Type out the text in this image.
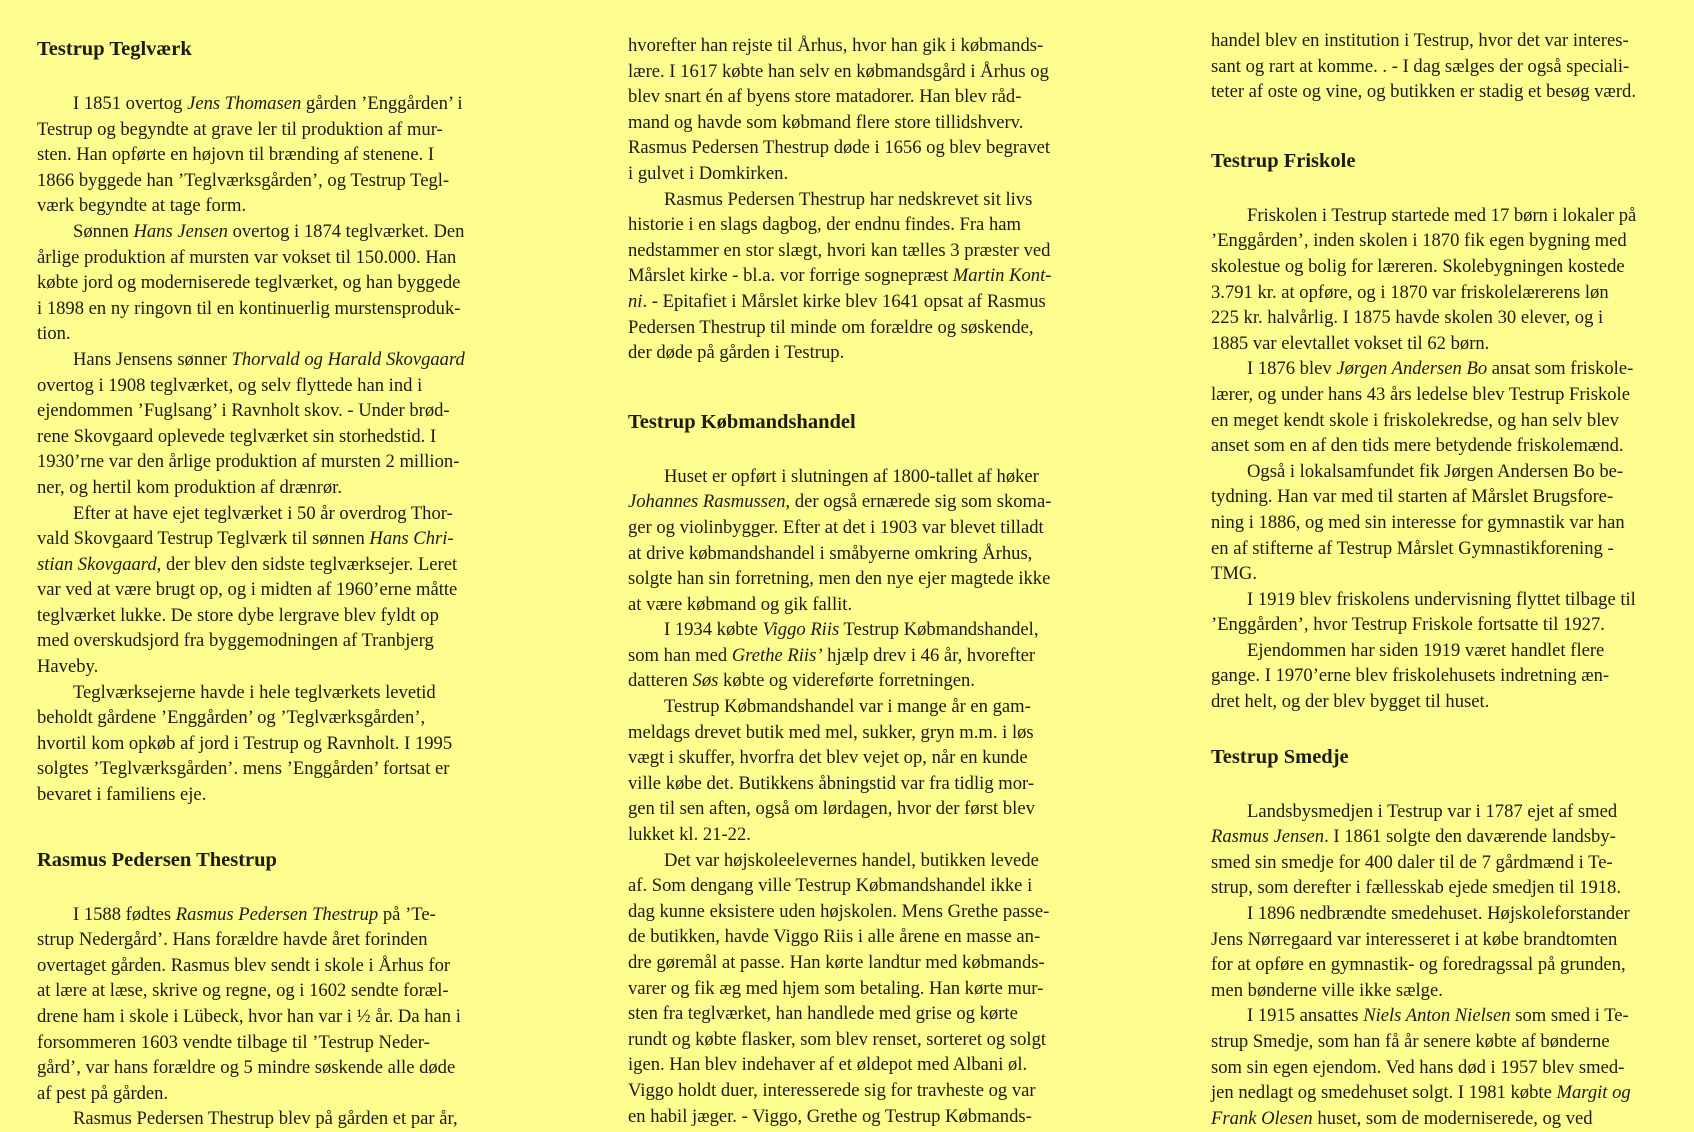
Testrup Teglværk
I 1851 overtog Jens Thomasen gården ’Enggården’ i
Testrup og begyndte at grave ler til produktion af mur-
sten. Han opførte en højovn til brænding af stenene. I
1866 byggede han ’Teglværksgården’, og Testrup Tegl-
værk begyndte at tage form.
Sønnen Hans Jensen overtog i 1874 teglværket. Den
årlige produktion af mursten var vokset til 150.000. Han
købte jord og moderniserede teglværket, og han byggede
i 1898 en ny ringovn til en kontinuerlig murstensproduk-
tion.
Hans Jensens sønner Thorvald og Harald Skovgaard
overtog i 1908 teglværket, og selv flyttede han ind i
ejendommen ’Fuglsang’ i Ravnholt skov. - Under brød-
rene Skovgaard oplevede teglværket sin storhedstid. I
1930’rne var den årlige produktion af mursten 2 million-
ner, og hertil kom produktion af drænrør.
Efter at have ejet teglværket i 50 år overdrog Thor-
vald Skovgaard Testrup Teglværk til sønnen Hans Chri-
stian Skovgaard, der blev den sidste teglværksejer. Leret
var ved at være brugt op, og i midten af 1960’erne måtte
teglværket lukke. De store dybe lergrave blev fyldt op
med overskudsjord fra byggemodningen af Tranbjerg
Haveby.
Teglværksejerne havde i hele teglværkets levetid
beholdt gårdene ’Enggården’ og ’Teglværksgården’,
hvortil kom opkøb af jord i Testrup og Ravnholt. I 1995
solgtes ’Teglværksgården’. mens ’Enggården’ fortsat er
bevaret i familiens eje.
Rasmus Pedersen Thestrup
I 1588 fødtes Rasmus Pedersen Thestrup på ’Te-
strup Nedergård’. Hans forældre havde året forinden
overtaget gården. Rasmus blev sendt i skole i Århus for
at lære at læse, skrive og regne, og i 1602 sendte foræl-
drene ham i skole i Lübeck, hvor han var i ½ år. Da han i
forsommeren 1603 vendte tilbage til ’Testrup Neder-
gård’, var hans forældre og 5 mindre søskende alle døde
af pest på gården.
Rasmus Pedersen Thestrup blev på gården et par år,
hvorefter han rejste til Århus, hvor han gik i købmands-
lære. I 1617 købte han selv en købmandsgård i Århus og
blev snart én af byens store matadorer. Han blev råd-
mand og havde som købmand flere store tillidshverv.
Rasmus Pedersen Thestrup døde i 1656 og blev begravet
i gulvet i Domkirken.
Rasmus Pedersen Thestrup har nedskrevet sit livs
historie i en slags dagbog, der endnu findes. Fra ham
nedstammer en stor slægt, hvori kan tælles 3 præster ved
Mårslet kirke - bl.a. vor forrige sognepræst Martin Kont-
ni. - Epitafiet i Mårslet kirke blev 1641 opsat af Rasmus
Pedersen Thestrup til minde om forældre og søskende,
der døde på gården i Testrup.
Testrup Købmandshandel
Huset er opført i slutningen af 1800-tallet af høker
Johannes Rasmussen, der også ernærede sig som skoma-
ger og violinbygger. Efter at det i 1903 var blevet tilladt
at drive købmandshandel i småbyerne omkring Århus,
solgte han sin forretning, men den nye ejer magtede ikke
at være købmand og gik fallit.
I 1934 købte Viggo Riis Testrup Købmandshandel,
som han med Grethe Riis’ hjælp drev i 46 år, hvorefter
datteren Søs købte og videreførte forretningen.
Testrup Købmandshandel var i mange år en gam-
meldags drevet butik med mel, sukker, gryn m.m. i løs
vægt i skuffer, hvorfra det blev vejet op, når en kunde
ville købe det. Butikkens åbningstid var fra tidlig mor-
gen til sen aften, også om lørdagen, hvor der først blev
lukket kl. 21-22.
Det var højskoleelevernes handel, butikken levede
af. Som dengang ville Testrup Købmandshandel ikke i
dag kunne eksistere uden højskolen. Mens Grethe passe-
de butikken, havde Viggo Riis i alle årene en masse an-
dre gøremål at passe. Han kørte landtur med købmands-
varer og fik æg med hjem som betaling. Han kørte mur-
sten fra teglværket, han handlede med grise og kørte
rundt og købte flasker, som blev renset, sorteret og solgt
igen. Han blev indehaver af et øldepot med Albani øl.
Viggo holdt duer, interesserede sig for travheste og var
en habil jæger. - Viggo, Grethe og Testrup Købmands-
handel blev en institution i Testrup, hvor det var interes-
sant og rart at komme. . - I dag sælges der også speciali-
teter af oste og vine, og butikken er stadig et besøg værd.
Testrup Friskole
Friskolen i Testrup startede med 17 børn i lokaler på
’Enggården’, inden skolen i 1870 fik egen bygning med
skolestue og bolig for læreren. Skolebygningen kostede
3.791 kr. at opføre, og i 1870 var friskolelærerens løn
225 kr. halvårlig. I 1875 havde skolen 30 elever, og i
1885 var elevtallet vokset til 62 børn.
I 1876 blev Jørgen Andersen Bo ansat som friskole-
lærer, og under hans 43 års ledelse blev Testrup Friskole
en meget kendt skole i friskolekredse, og han selv blev
anset som en af den tids mere betydende friskolemænd.
Også i lokalsamfundet fik Jørgen Andersen Bo be-
tydning. Han var med til starten af Mårslet Brugsfore-
ning i 1886, og med sin interesse for gymnastik var han
en af stifterne af Testrup Mårslet Gymnastikforening -
TMG.
I 1919 blev friskolens undervisning flyttet tilbage til
’Enggården’, hvor Testrup Friskole fortsatte til 1927.
Ejendommen har siden 1919 været handlet flere
gange. I 1970’erne blev friskolehusets indretning æn-
dret helt, og der blev bygget til huset.
Testrup Smedje
Landsbysmedjen i Testrup var i 1787 ejet af smed
Rasmus Jensen. I 1861 solgte den daværende landsby-
smed sin smedje for 400 daler til de 7 gårdmænd i Te-
strup, som derefter i fællesskab ejede smedjen til 1918.
I 1896 nedbrændte smedehuset. Højskoleforstander
Jens Nørregaard var interesseret i at købe brandtomten
for at opføre en gymnastik- og foredragssal på grunden,
men bønderne ville ikke sælge.
I 1915 ansattes Niels Anton Nielsen som smed i Te-
strup Smedje, som han få år senere købte af bønderne
som sin egen ejendom. Ved hans død i 1957 blev smed-
jen nedlagt og smedehuset solgt. I 1981 købte Margit og
Frank Olesen huset, som de moderniserede, og ved
